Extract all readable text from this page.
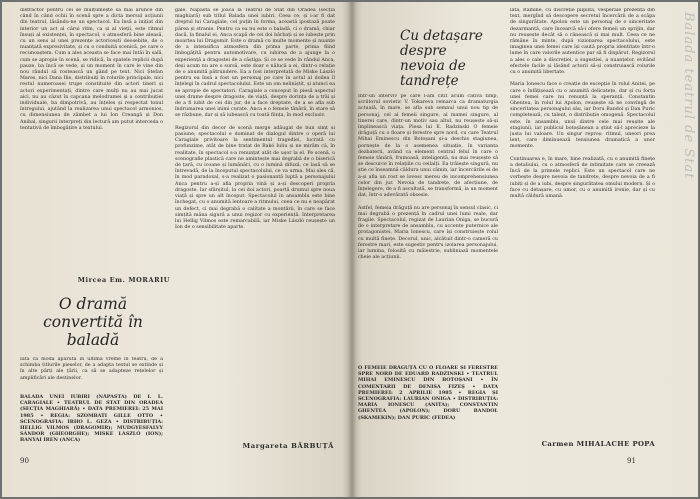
distractor pentru cei se mulțumește să mai arunce din când în când ochii în scenă spre a dicta mersul acțiunii din teatrul, lăsându-ne un spectacol. Ea însă a inițiat din interior un act al cărui ritm, ca și al vieții, este ritmul însuși al existenței, în spectacol, o atmosferă bine aleasă, cu un sens al unei prezențe actoricești deosebite, de o nuanțată expresivitate, și cu o conduită scenică, pe care o recunoaștem. Cum a ales aceasta se face mai întâi în sală, cum se apropie în scenă, se ridică, în spatele replicii după pauze, ba încă se vede, și un moment în care le vine din nou rândul să rostească un gând pe text. Nici Ștefan Mares, nici Dana Ilie, distribuiți în rolurile principale, nici restul numeroasei trupe constituite din actori tineri și actori experimentați, dintre care mulți nu au mai jucat aici, nu au căzut în capcana melodramei și a contribuției individuale, ba dimpotrivă, au înțeles și respectat tonul întregului, ajutând la realizarea unui spectacol armonios, cu dimensiunea de zâmbet a lui Ion Creangă și Don Anibal, singurii interpreți din lectură am putut interceda o tentativă de îmbogățire a textului.
Mircea Em. MORARIU
O dramă convertită în baladă
Iată că moda aparută în ultima vreme în teatru, de a schimba titlurile pieselor, de a adapta textul se extinde și în alte părți ale țării, ca să se adapteze rețelelor și amplificări ale destinelor.
BALADA UNEI IUBIRI (NĂPASTA) DE I. L. CARAGIALE • TEATRUL DE STAT DIN ORADEA (SECȚIA MAGHIARĂ) • DATA PREMIEREI: 25 MAI 1985 • REGIA: SZOMBATI GILLE OTTO • SCENOGRAFIA: IRHO L. GEZA • DISTRIBUȚIA: HELLIG VILMOS (DRAGOMIR); MUDGYESFALVY SÁNDOR (GHEORGHE); MISKE LÁSZLÓ (ION); BANYAI IREN (ANCA)
90
gale, Năpasta se joacă la Teatrul de Stat din Oradea (secția maghiară) sub titlul Balada unei iubiri. Ceea ce, și i-ar fi dat dreptul lui Caragiale, cel puțin în forma, această ipostază poate părea și stranie. Pentru ca ea nu este o baladă, ci o dramă, chiar dacă, la finalul ei, Anca scapă de cei doi bărbați și se iubește prin moartea lui Dragomir. Este o dramă cu multe momente și nuanțe de a intensifica atmosfera din prima parte, prima fiind îmbogățită pentru automotivare, cu iubirea de a ajunge la o experiență a dragostei de a câștiga. Și ce se vede în rândul Anca, deși acum nu are o sursă, este doar o nălucă a ei, dintr-o relație de o anumită pătrundere. Ea a fost interpretată de Miske László pentru ea însă a fost un personaj pe care în actul al doilea îl înțelegi în cadrul spectacolului. Este un om neliniștit, și atunci ea se apropie de spectatori. Caragiale a conceput în piesă aspectul unei drame despre dragoste, de viață, despre dorința de a trăi și de a fi iubit de cei din jur, de a face dreptate, de a se afla sub îndrumarea unei inimi curate. Anca e o femeie tânără, în stare să se răzbune, dar și să iubească cu toată ființa, în mod exclusiv.

Regizorul din decor de scenă merge adăugat de bun simț și pasiune; spectacolul e dominat de dialogul dintre o operă lui Caragiale privitoare la sentimentul tragediei, lucrată cu profunzime, atât de bine tratat de Bakó Iuliu și ne mirăm că, în realitate, în spectacol s-a renunțat atât de ușor la el. Pe scenă, o scenografie plastică care ne amintește mai degrabă de o biserică de țară, cu icoane și lumânări, cu o lumină difuză, ce lasă să se întrevadă, de la începutul spectacolului, ce va urma. Mai ales că, în mod paradoxal, s-a realizat o pasionantă luptă a personajului Anca pentru a-și afla propria vină și a-și descoperi propria dragoste. Iar sfârșitul, la cei doi actori, poartă drumul spre noua viață și spre un alt început. Spectacolul în ansamblu este bine închegat, cu o anumită lentoare a ritmului, ceea ce nu e neapărat un defect, ci mai degrabă o calitate a montării, în care se face simțită mâna sigură a unui regizor cu experiență. Interpretarea lui Hellig Vilmos este remarcabilă, iar Miske László reușește un Ion de o sensibilitate aparte.
Margareta BĂRBUȚĂ
Cu detașare despre nevoia de tandrețe
Într-un interviv pe care l-am citit acum câțiva timp, scriitorul sovietic V. Tokareva remarca ca dramaturgia actuală, în mare, se afla sub semnul unui nou tip de personaj, cel al femeii singure, al mamei singure, al tinerei care, dintr-un motiv sau altul, nu reușește să-și împlinească viața. Piesa lui E. Radzinski O femeie drăguță cu o floare și ferestre spre nord, cu care Teatrul Mihai Eminescu din Botoșani și-a deschis stagiunea, pornește de la o asemenea situație, în varianta dezbaterii, având ca element central felul în care o femeie tânără, frumoasă, inteligentă, nu mai reușește să se descurce în relațiile cu ceilalți. Ea trăiește singură, nu știe ce înseamnă căldura unui cămin, iar încercările ei de a-și afla un rost se lovesc mereu de incomprehensiunea celor din jur. Nevoia de tandrețe, de afecțiune, de înțelegere, de a fi ascultată, se transformă, la un moment dat, într-o adevărată obsesie.

Astfel, femeia drăguță nu are personaj în sensul clasic, ci mai degrabă o prezență în cadrul unei lumi reale, dar fragile. Spectacolul, regizat de Laurian Oniga, se bucură de o interpretare de ansamblu, cu accente puternice ale protagonistei, Maria Ionescu, care își construiește rolul cu multă finețe. Decorul, unic, alcătuit dintr-o cameră cu ferestre mari, este sugestiv pentru izolarea personajului, iar lumina, folosită cu măiestrie, subliniază momentele cheie ale acțiunii.
O FEMEIE DRĂGUȚĂ CU O FLOARE ȘI FERESTRE SPRE NORD DE EDUARD RADZINSKI • TEATRUL MIHAI EMINESCU DIN BOTOȘANI • ÎN COMENTARII DE DENISA FIZEȘ • DATA PREMIEREI: 2 APRILIE 1985 • REGIA ȘI SCENOGRAFIA: LAURIAN ONIGA • DISTRIBUȚIA: MARIA IONESCU (ANITA); CONSTANTIN GHENTEA (APOLON); DORU BANDOL (SKAMEKIN); DAN PURIC (FEDEA)
lată, Râmîne, cu discreție pîlpîită, vesperale prezență din text, mergînd să descopere secretul încercării de a scăpa de singurătate. Apolon este un personaj de o sinceritate dezarmantă, care încearcă să-i ofere femeii un sprijin, dar nu reușește decât să o rănească și mai mult. Ceea ce ne rămâne în minte, după vizionarea spectacolului, este imaginea unei femei care își caută propria identitate într-o lume în care valorile autentice par să fi dispărut. Regizorul a ales o cale a discreției, a sugestiei, a nuanțelor, evitând efectele facile și lăsând actorii să-și construiască rolurile cu o anumită libertate.

Maria Ionescu face o creație de excepție în rolul Anitei, pe care o înfățișează cu o anumită delicatețe, dar și cu forța unei femei care nu renunță la speranță. Constantin Ghentea, în rolul lui Apolon, reușește să ne convingă de sinceritatea personajului său, iar Doru Bandol și Dan Puric completează, cu talent, o distribuție omogenă. Spectacolul este, în ansamblu, unul dintre cele mai reușite ale stagiunii, iar publicul botoșănean a știut să-l aprecieze la justa lui valoare. Un singur reproș: ritmul, uneori prea lent, care diminuează tensiunea dramatică a unor momente.

Continuarea e, în mare, bine realizată, cu o anumită finețe a detaliului, cu o atmosferă de intimitate care se creează încă de la primele replici. Este un spectacol care ne vorbește despre nevoia de tandrețe, despre nevoia de a fi iubiți și de a iubi, despre singurătatea omului modern. Și o face cu detașare, cu umor, cu o anumită ironie, dar și cu multă căldură umană.
Carmen MIHALACHE POPA
91
Balada teatrul de Stat
